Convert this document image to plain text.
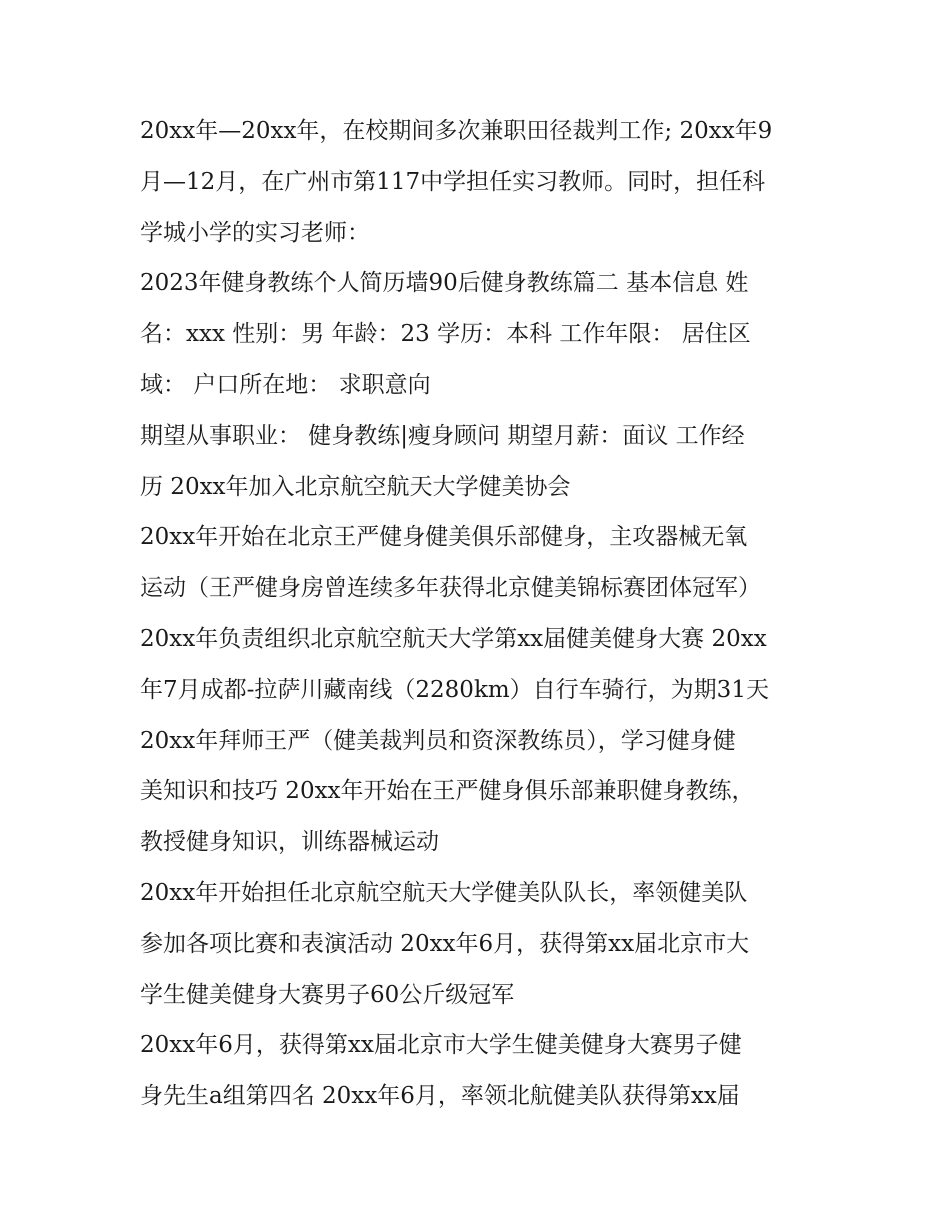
20xx年—20xx年，在校期间多次兼职田径裁判工作; 20xx年9
月—12月，在广州市第117中学担任实习教师。同时，担任科
学城小学的实习老师：
2023年健身教练个人简历墙90后健身教练篇二 基本信息 姓
名：xxx 性别：男 年龄：23 学历：本科 工作年限： 居住区
域： 户口所在地： 求职意向
期望从事职业： 健身教练|瘦身顾问 期望月薪：面议 工作经
历 20xx年加入北京航空航天大学健美协会
20xx年开始在北京王严健身健美俱乐部健身，主攻器械无氧
运动（王严健身房曾连续多年获得北京健美锦标赛团体冠军）
20xx年负责组织北京航空航天大学第xx届健美健身大赛 20xx
年7月成都-拉萨川藏南线（2280km）自行车骑行，为期31天
20xx年拜师王严（健美裁判员和资深教练员），学习健身健
美知识和技巧 20xx年开始在王严健身俱乐部兼职健身教练，
教授健身知识，训练器械运动
20xx年开始担任北京航空航天大学健美队队长，率领健美队
参加各项比赛和表演活动 20xx年6月，获得第xx届北京市大
学生健美健身大赛男子60公斤级冠军
20xx年6月，获得第xx届北京市大学生健美健身大赛男子健
身先生a组第四名 20xx年6月，率领北航健美队获得第xx届
